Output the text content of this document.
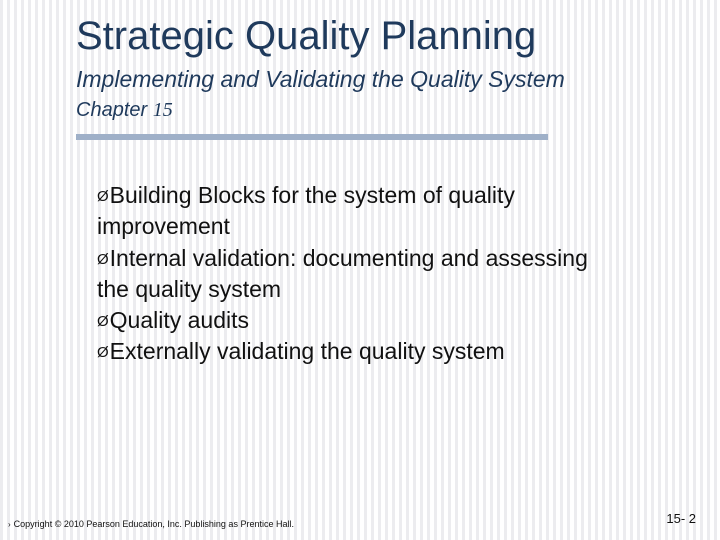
Strategic Quality Planning
Implementing and Validating the Quality System
Chapter 15
ØBuilding Blocks for the system of quality improvement
ØInternal validation: documenting and assessing the quality system
ØQuality audits
ØExternally validating the quality system
› Copyright © 2010 Pearson Education, Inc. Publishing as Prentice Hall.	15- 2
